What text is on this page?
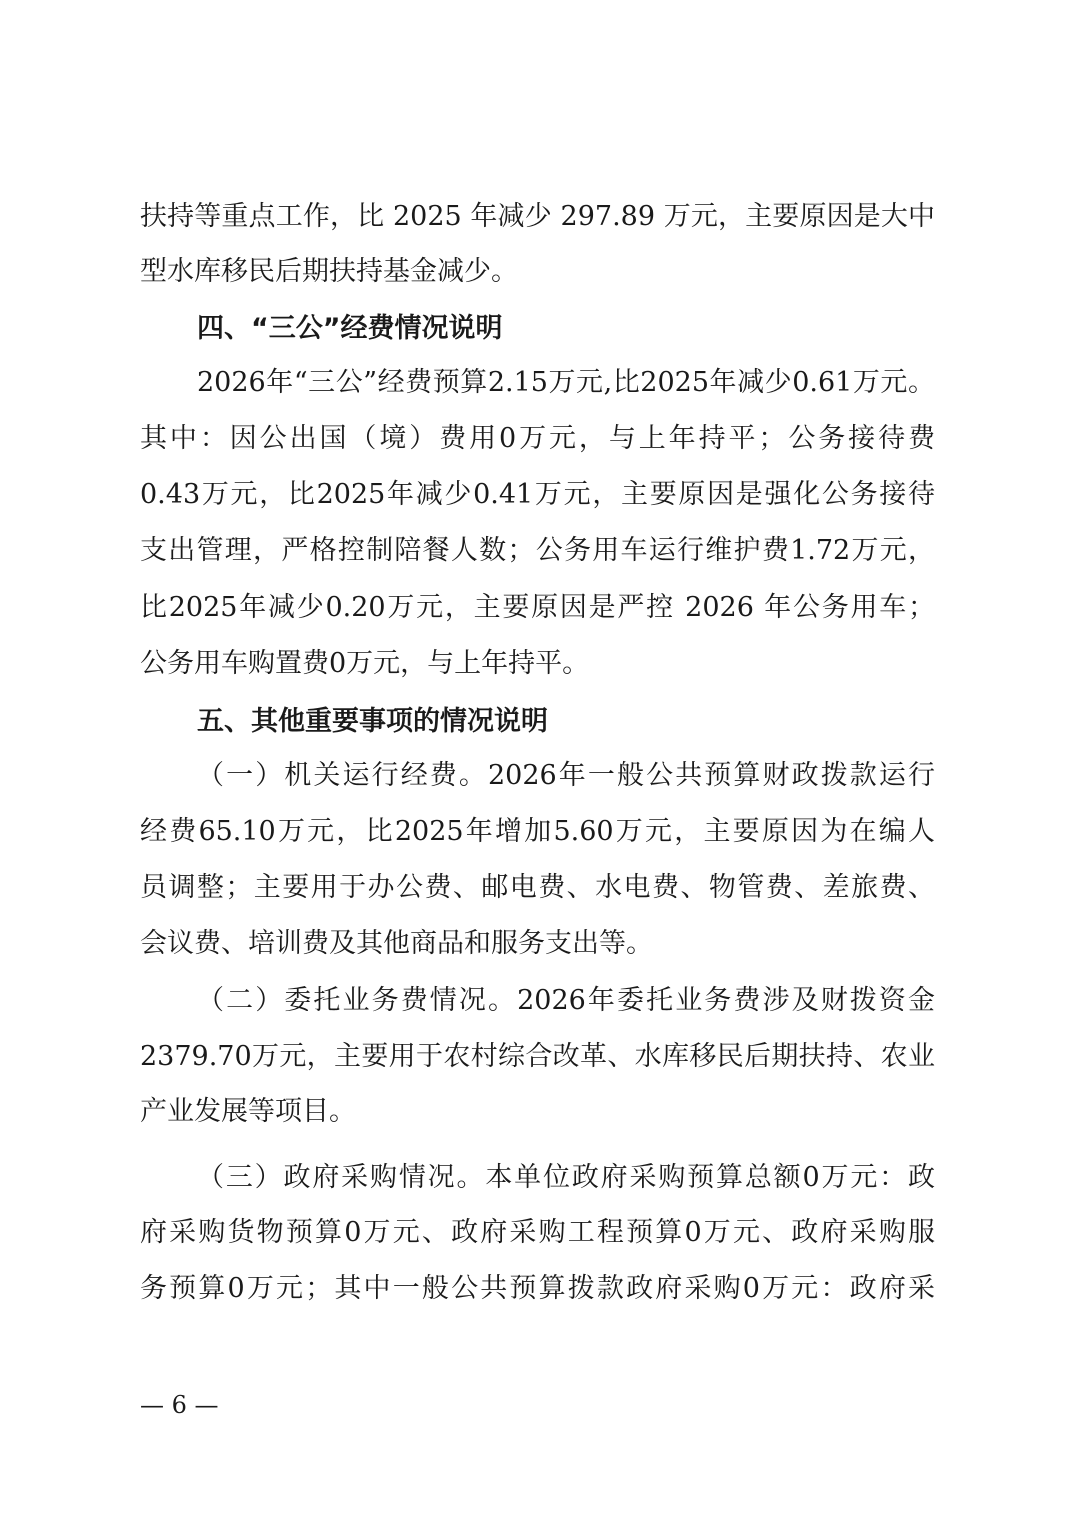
扶持等重点工作，比 2025 年减少 297.89 万元，主要原因是大中
型水库移民后期扶持基金减少。
四、“三公”经费情况说明
2026年“三公”经费预算2.15万元,比2025年减少0.61万元。
其中：因公出国（境）费用0万元，与上年持平；公务接待费
0.43万元，比2025年减少0.41万元，主要原因是强化公务接待
支出管理，严格控制陪餐人数；公务用车运行维护费1.72万元，
比2025年减少0.20万元，主要原因是严控 2026 年公务用车；
公务用车购置费0万元，与上年持平。
五、其他重要事项的情况说明
（一）机关运行经费。2026年一般公共预算财政拨款运行
经费65.10万元，比2025年增加5.60万元，主要原因为在编人
员调整；主要用于办公费、邮电费、水电费、物管费、差旅费、
会议费、培训费及其他商品和服务支出等。
（二）委托业务费情况。2026年委托业务费涉及财拨资金
2379.70万元，主要用于农村综合改革、水库移民后期扶持、农业
产业发展等项目。
（三）政府采购情况。本单位政府采购预算总额0万元：政
府采购货物预算0万元、政府采购工程预算0万元、政府采购服
务预算0万元；其中一般公共预算拨款政府采购0万元：政府采
— 6 —
